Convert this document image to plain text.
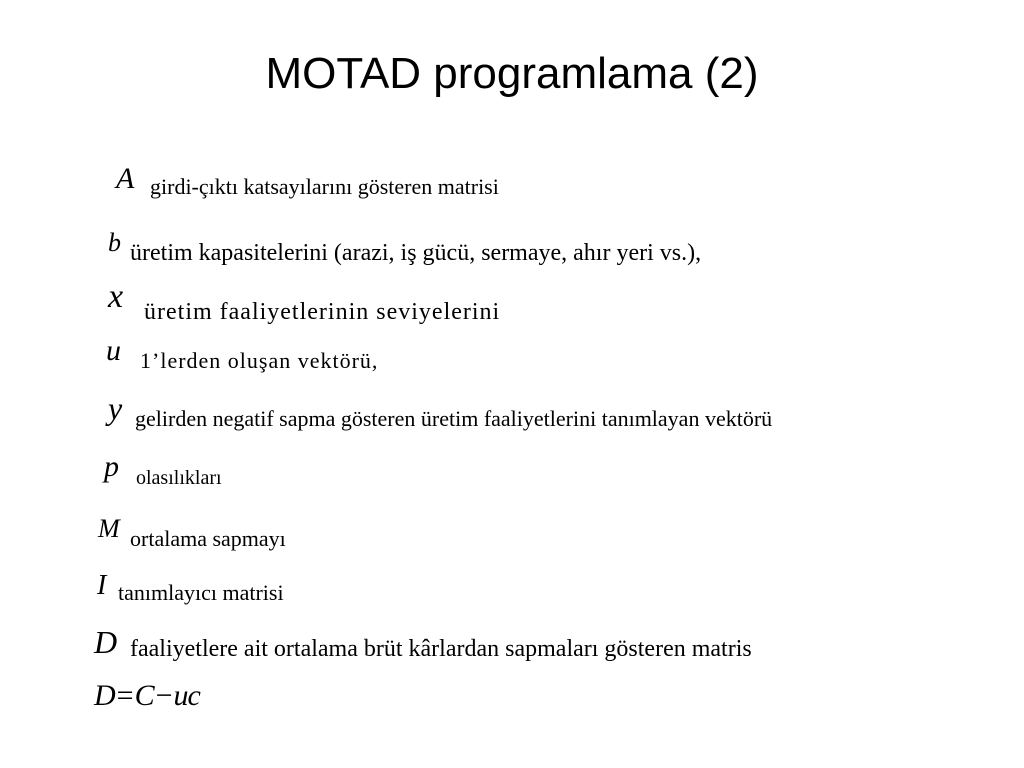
MOTAD programlama (2)
A girdi-çıktı katsayılarını gösteren matrisi
b üretim kapasitelerini (arazi, iş gücü, sermaye, ahır yeri vs.),
x üretim faaliyetlerinin seviyelerini
u 1’lerden oluşan vektörü,
y gelirden negatif sapma gösteren üretim faaliyetlerini tanımlayan vektörü
p olasılıkları
M ortalama sapmayı
I tanımlayıcı matrisi
D faaliyetlere ait ortalama brüt kârlardan sapmaları gösteren matris
D=C−uc
